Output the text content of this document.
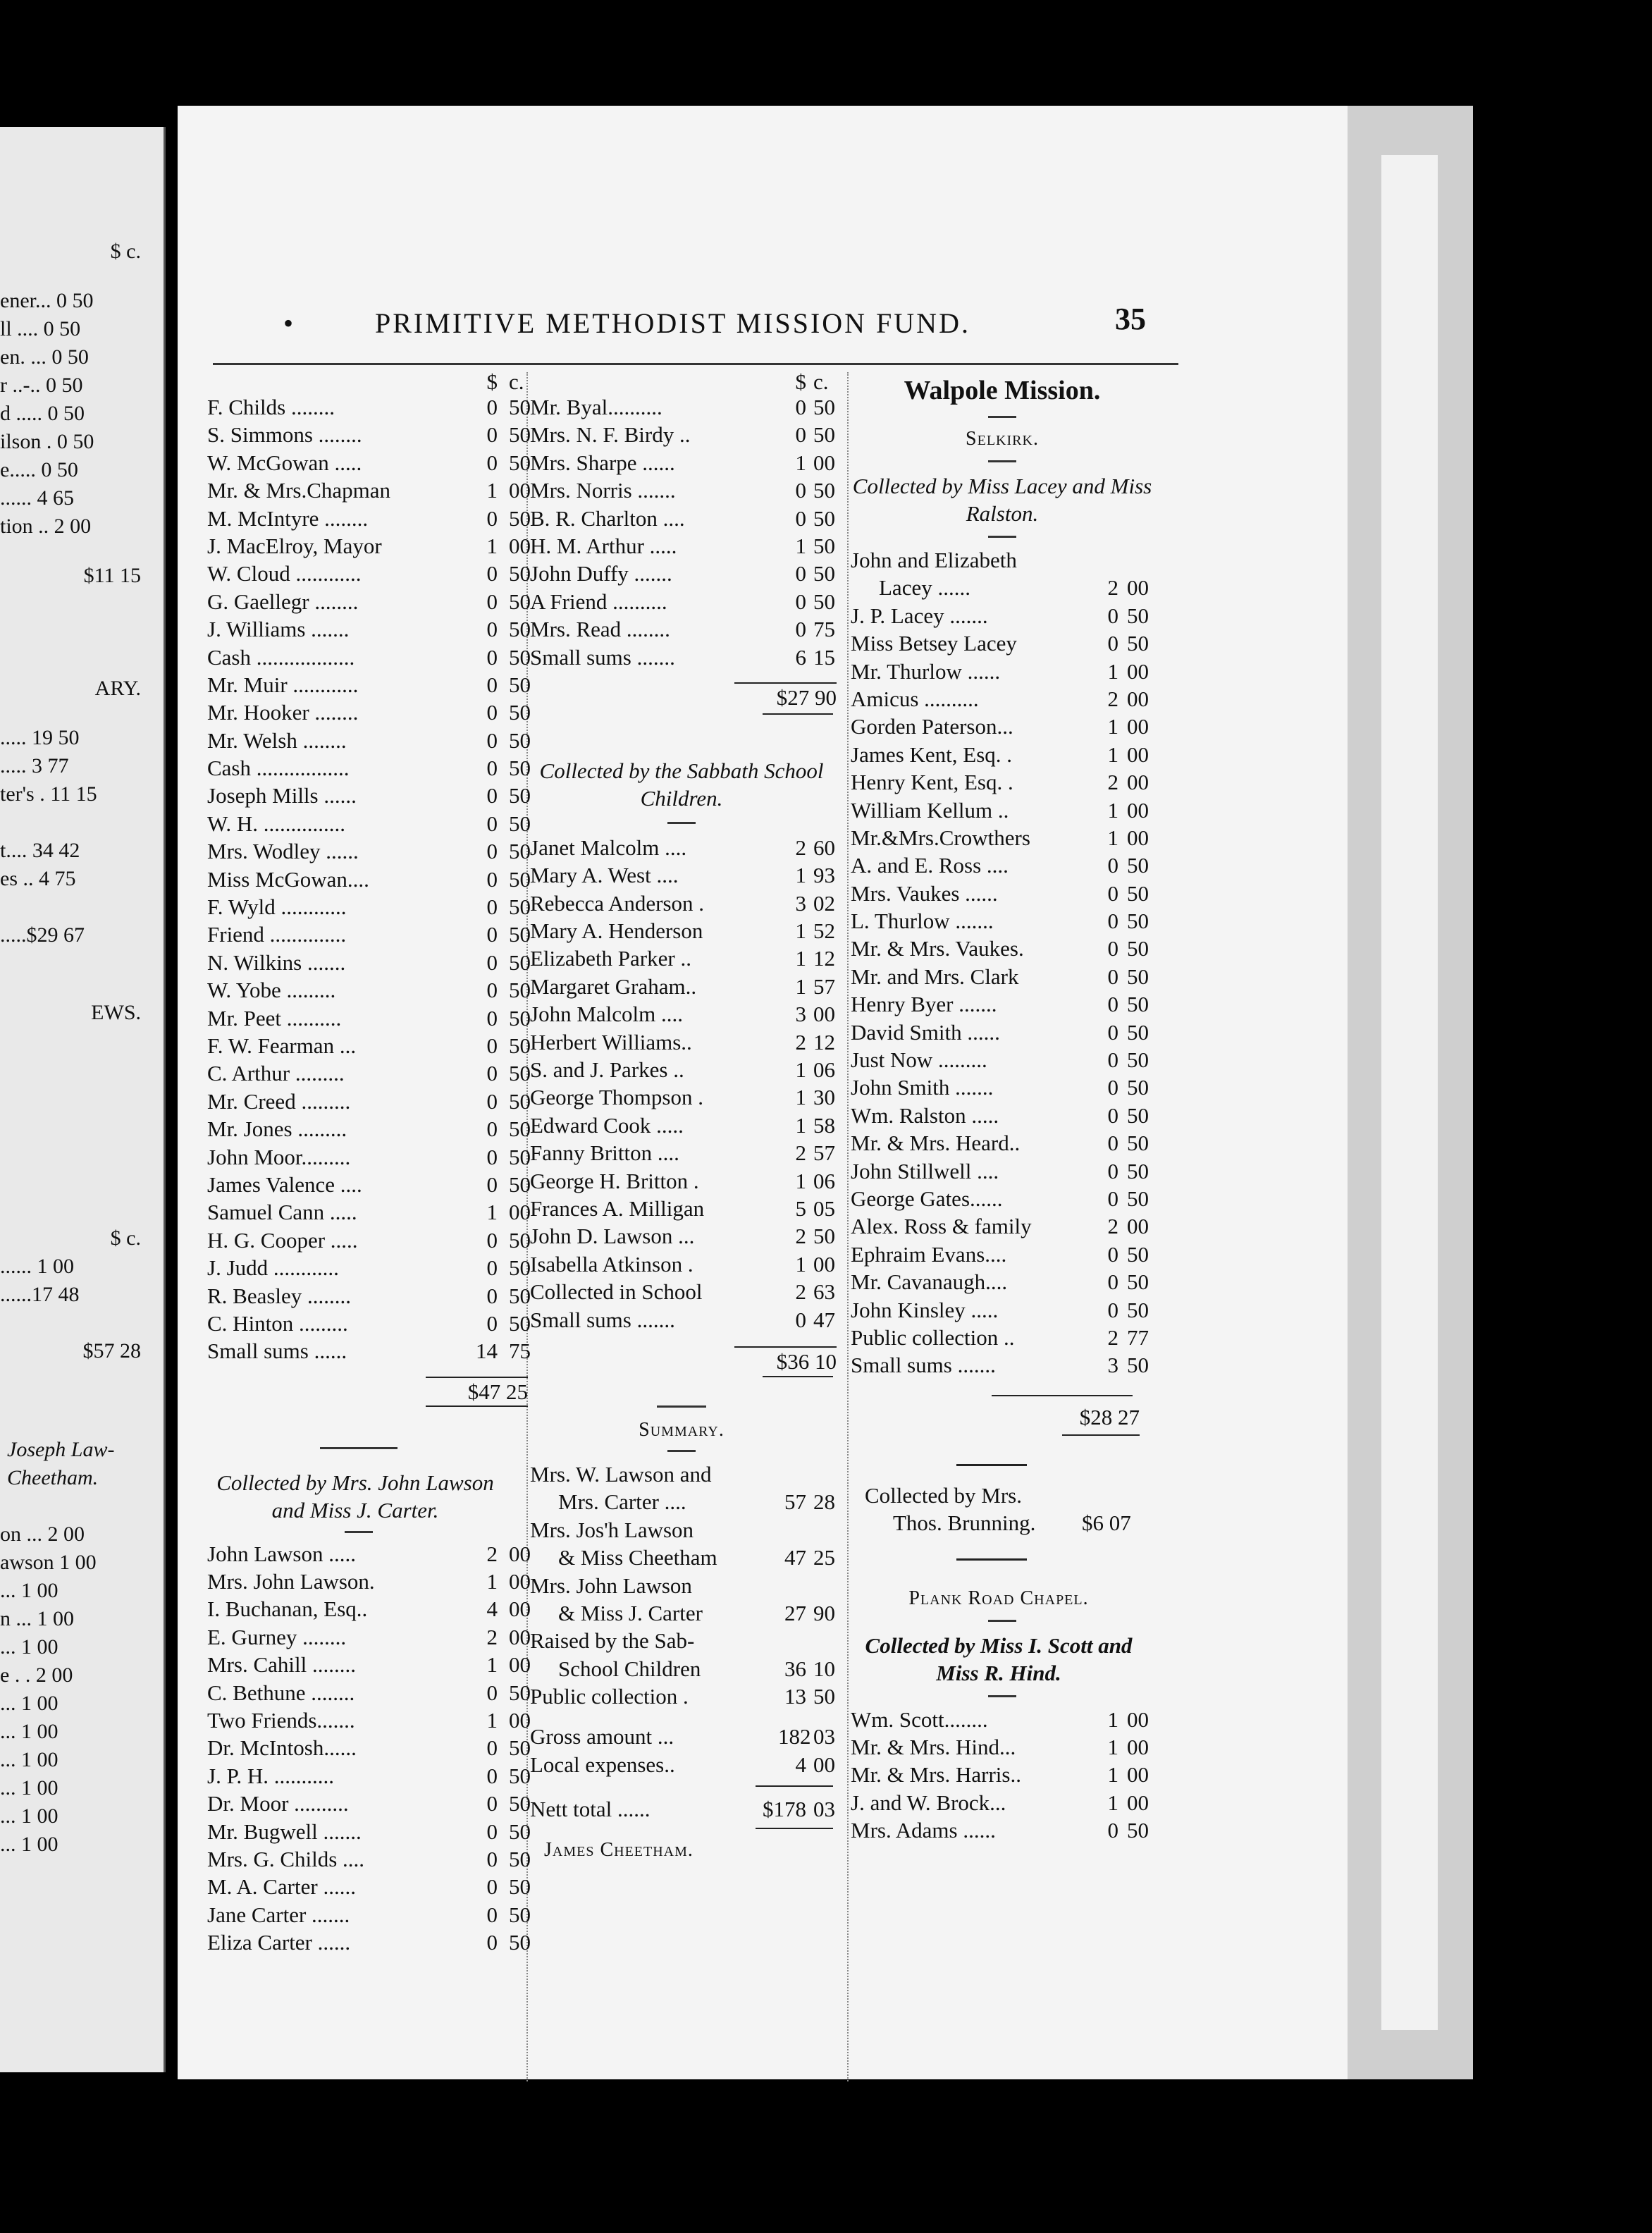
$ c.
ener... 0 50
ll .... 0 50
en. ... 0 50
r ..-.. 0 50
d ..... 0 50
ilson . 0 50
e..... 0 50
...... 4 65
tion .. 2 00
$11 15
ARY.
..... 19 50
..... 3 77
ter's . 11 15
t.... 34 42
es .. 4 75
.....$29 67
EWS.
$ c.
...... 1 00
......17 48
$57 28
Joseph Law-
Cheetham.
on ... 2 00
awson 1 00
... 1 00
n ... 1 00
... 1 00
e . . 2 00
... 1 00
... 1 00
... 1 00
... 1 00
... 1 00
... 1 00
•	PRIMITIVE METHODIST MISSION FUND.	35
$ c.
F. Childs ........	0 50
S. Simmons ........	0 50
W. McGowan .....	0 50
Mr. & Mrs.Chapman	1 00
M. McIntyre ........	0 50
J. MacElroy, Mayor	1 00
W. Cloud ............	0 50
G. Gaellegr ........	0 50
J. Williams .......	0 50
Cash ..................	0 50
Mr. Muir ............	0 50
Mr. Hooker ........	0 50
Mr. Welsh ........	0 50
Cash .................	0 50
Joseph Mills ......	0 50
W. H. ...............	0 50
Mrs. Wodley ......	0 50
Miss McGowan....	0 50
F. Wyld ............	0 50
Friend ..............	0 50
N. Wilkins .......	0 50
W. Yobe .........	0 50
Mr. Peet ..........	0 50
F. W. Fearman ...	0 50
C. Arthur .........	0 50
Mr. Creed .........	0 50
Mr. Jones .........	0 50
John Moor.........	0 50
James Valence ....	0 50
Samuel Cann .....	1 00
H. G. Cooper .....	0 50
J. Judd ............	0 50
R. Beasley ........	0 50
C. Hinton .........	0 50
Small sums ......	14 75
$47 25
Collected by Mrs. John Lawson and Miss J. Carter.
John Lawson .....	2 00
Mrs. John Lawson.	1 00
I. Buchanan, Esq..	4 00
E. Gurney ........	2 00
Mrs. Cahill ........	1 00
C. Bethune ........	0 50
Two Friends.......	1 00
Dr. McIntosh......	0 50
J. P. H. ...........	0 50
Dr. Moor ..........	0 50
Mr. Bugwell .......	0 50
Mrs. G. Childs ....	0 50
M. A. Carter ......	0 50
Jane Carter .......	0 50
Eliza Carter ......	0 50
$ c.
Mr. Byal..........	0 50
Mrs. N. F. Birdy ..	0 50
Mrs. Sharpe ......	1 00
Mrs. Norris .......	0 50
B. R. Charlton ....	0 50
H. M. Arthur .....	1 50
John Duffy .......	0 50
A Friend ..........	0 50
Mrs. Read ........	0 75
Small sums .......	6 15
$27 90
Collected by the Sabbath School Children.
Janet Malcolm ....	2 60
Mary A. West ....	1 93
Rebecca Anderson .	3 02
Mary A. Henderson	1 52
Elizabeth Parker ..	1 12
Margaret Graham..	1 57
John Malcolm ....	3 00
Herbert Williams..	2 12
S. and J. Parkes ..	1 06
George Thompson .	1 30
Edward Cook .....	1 58
Fanny Britton ....	2 57
George H. Britton .	1 06
Frances A. Milligan	5 05
John D. Lawson ...	2 50
Isabella Atkinson .	1 00
Collected in School	2 63
Small sums .......	0 47
$36 10
Summary.
Mrs. W. Lawson and
Mrs. Carter ....	57 28
Mrs. Jos'h Lawson
& Miss Cheetham	47 25
Mrs. John Lawson
& Miss J. Carter	27 90
Raised by the Sab-
School Children	36 10
Public collection .	13 50
Gross amount ...	182 03
Local expenses..	4 00
Nett total ......	$178 03
James Cheetham.
Walpole Mission.
Selkirk.
Collected by Miss Lacey and Miss Ralston.
John and Elizabeth
Lacey ......	2 00
J. P. Lacey .......	0 50
Miss Betsey Lacey	0 50
Mr. Thurlow ......	1 00
Amicus ..........	2 00
Gorden Paterson...	1 00
James Kent, Esq. .	1 00
Henry Kent, Esq. .	2 00
William Kellum ..	1 00
Mr.&Mrs.Crowthers	1 00
A. and E. Ross ....	0 50
Mrs. Vaukes ......	0 50
L. Thurlow .......	0 50
Mr. & Mrs. Vaukes.	0 50
Mr. and Mrs. Clark	0 50
Henry Byer .......	0 50
David Smith ......	0 50
Just Now .........	0 50
John Smith .......	0 50
Wm. Ralston .....	0 50
Mr. & Mrs. Heard..	0 50
John Stillwell ....	0 50
George Gates......	0 50
Alex. Ross & family	2 00
Ephraim Evans....	0 50
Mr. Cavanaugh....	0 50
John Kinsley .....	0 50
Public collection ..	2 77
Small sums .......	3 50
$28 27
Collected by Mrs.
Thos. Brunning. $6 07
Plank Road Chapel.
Collected by Miss I. Scott and Miss R. Hind.
Wm. Scott........	1 00
Mr. & Mrs. Hind...	1 00
Mr. & Mrs. Harris..	1 00
J. and W. Brock...	1 00
Mrs. Adams ......	0 50
